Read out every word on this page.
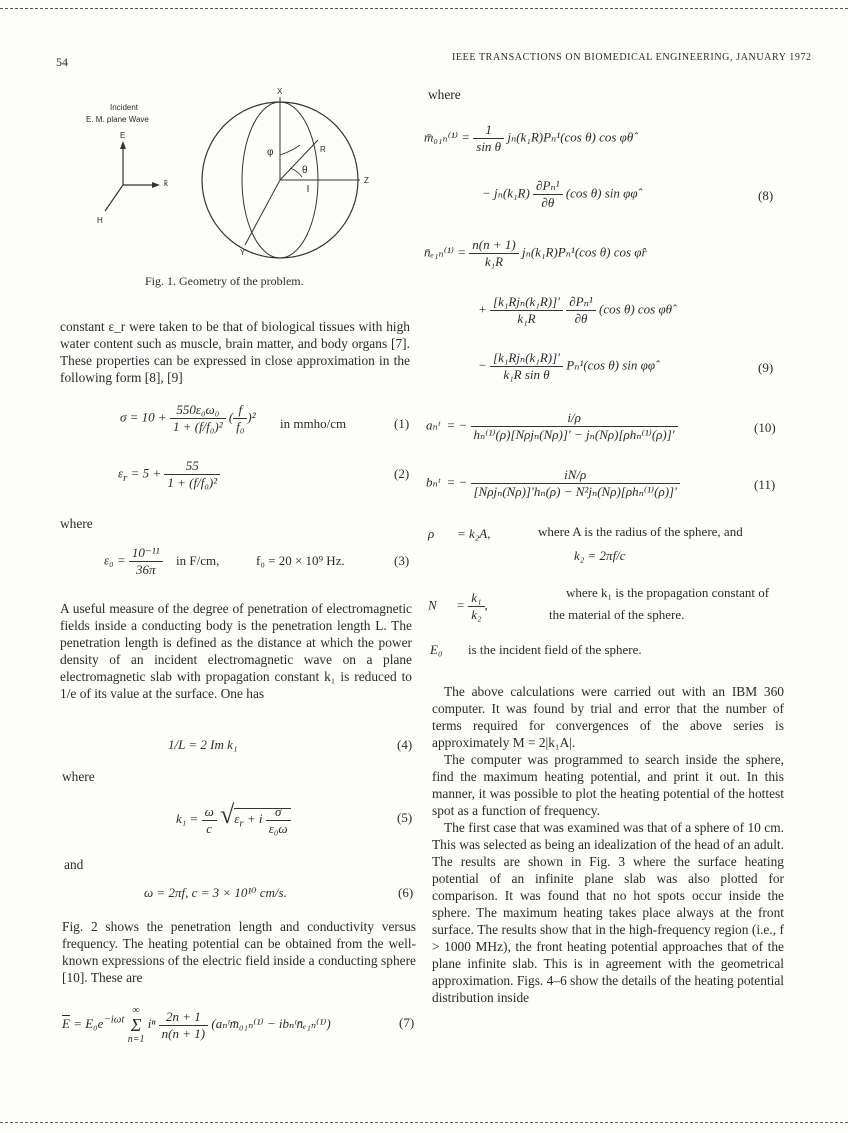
54	IEEE TRANSACTIONS ON BIOMEDICAL ENGINEERING, JANUARY 1972
Incident
E. M. plane Wave
E
k̂
H
X
Z
Y
φ
θ
R
Fig. 1. Geometry of the problem.

constant ε_r were taken to be that of biological tissues with high water content such as muscle, brain matter, and body organs [7]. These properties can be expressed in close approximation in the following form [8], [9]

$\sigma = 10 + \frac{\text{550ε₀ω₀}}{\text{1 + (f/f₀)²}}$ ( $\frac{f}{\text{f₀}} )^2$ in mmho/cm	(1)
$\varepsilon_r = 5 + \frac{55}{\text{1 + (f/f₀)²}}$	(2)
where
$\varepsilon_0 = \frac{\text{10⁻¹¹}}{36\pi}$ in F/cm,	f₀ = 20 × 10⁹ Hz.	(3)

A useful measure of the degree of penetration of electromagnetic fields inside a conducting body is the penetration length L. The penetration length is defined as the distance at which the power density of an incident electromagnetic wave on a plane electromagnetic slab with propagation constant k₁ is reduced to 1/e of its value at the surface. One has

1/L = 2 Im k₁	(4)
where
$k_1 = \frac{\omega}{c} √\varepsilon_r + i \frac{\sigma}{\text{ε₀ω}}$	(5)
and
ω = 2πf, c = 3 × 10¹⁰ cm/s.	(6)

Fig. 2 shows the penetration length and conductivity versus frequency. The heating potential can be obtained from the well-known expressions of the electric field inside a conducting sphere [10]. These are

$\overline{E} = E_0e^{-i\omega t}$
∞
Σ
n=1
iⁿ $\frac{2n + 1}{n(n + 1)}$ (aₙᵗm̄₀₁ₙ⁽¹⁾ − ibₙᵗn̄ₑ₁ₙ⁽¹⁾)	(7)
where
m̄₀₁ₙ⁽¹⁾ = $\frac{1}{\text{sin θ}} j_n(k_1R)P_n^1(\cos$ θ) cos φθ̂
− $j_n(k_1R) \frac{\text{∂Pₙ¹}}{\partial\theta} (\cos$ θ) sin φφ̂	(8)
n̄ₑ₁ₙ⁽¹⁾ = $\frac{n(n + 1)}{\text{k₁R}} j_n(k_1R)P_n^1(\cos$ θ) cos φr̂
+ $\frac{\text{[k₁Rjₙ(k₁R)]′}}{\text{k₁R}}$
$\frac{\text{∂Pₙ¹}}{\partial\theta} (\cos$ θ) cos φθ̂
− $\frac{\text{[k₁Rjₙ(k₁R)]′}}{\text{k₁R sin θ}} P_n^1(\cos$ θ) sin φφ̂	(9)
aₙᵗ  = − $\frac{i/\rho}{\text{hₙ⁽¹⁾(ρ)[Nρjₙ(Nρ)]′ − jₙ(Nρ)[ρhₙ⁽¹⁾(ρ)]′}}$	(10)
bₙᵗ  = − $\frac{iN/\rho}{\text{[Nρjₙ(Nρ)]′hₙ(ρ) − N²jₙ(Nρ)[ρhₙ⁽¹⁾(ρ)]′}}$	(11)
ρ       = k₂A,	where A is the radius of the sphere, and
k₂ = 2πf/c
N      = $\frac{\text{k₁}}{\text{k₂}}$ ,
where k₁ is the propagation constant of
the material of the sphere.
E₀ is the incident field of the sphere.

The above calculations were carried out with an IBM 360 computer. It was found by trial and error that the number of terms required for convergences of the above series is approximately M = 2|k₁A|.

The computer was programmed to search inside the sphere, find the maximum heating potential, and print it out. In this manner, it was possible to plot the heating potential of the hottest spot as a function of frequency.

The first case that was examined was that of a sphere of 10 cm. This was selected as being an idealization of the head of an adult. The results are shown in Fig. 3 where the surface heating potential of an infinite plane slab was also plotted for comparison. It was found that no hot spots occur inside the sphere. The maximum heating takes place always at the front surface. The results show that in the high-frequency region (i.e., f > 1000 MHz), the front heating potential approaches that of the plane infinite slab. This is in agreement with the geometrical approximation. Figs. 4–6 show the details of the heating potential distribution inside
